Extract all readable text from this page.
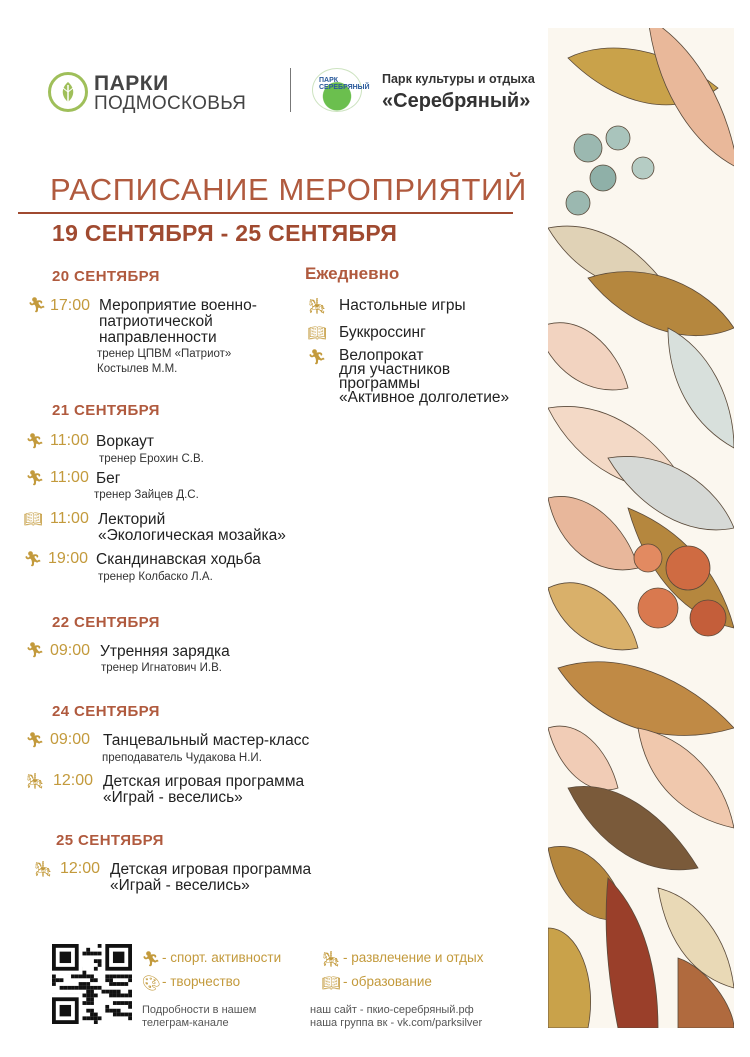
ПАРКИ
ПОДМОСКОВЬЯ
ПАРК СЕРЕБРЯНЫЙ
Парк культуры и отдыха
«Серебряный»
РАСПИСАНИЕ МЕРОПРИЯТИЙ
19 СЕНТЯБРЯ - 25 СЕНТЯБРЯ
20 СЕНТЯБРЯ
🏃︎ 17:00 Мероприятие военно-
патриотической
направленности
тренер ЦПВМ «Патриот»
Костылев М.М.
21 СЕНТЯБРЯ
🏃︎ 11:00 Воркаут
тренер Ерохин С.В.
🏃︎ 11:00 Бег
тренер Зайцев Д.С.
📖︎ 11:00 Лекторий
«Экологическая мозайка»
🏃︎ 19:00 Скандинавская ходьба
тренер Колбаско Л.А.
22 СЕНТЯБРЯ
🏃︎ 09:00 Утренняя зарядка
тренер Игнатович И.В.
24 СЕНТЯБРЯ
🏃︎ 09:00 Танцевальный мастер-класс
преподаватель Чудакова Н.И.
🎠︎ 12:00 Детская игровая программа
«Играй - веселись»
25 СЕНТЯБРЯ
🎠︎ 12:00 Детская игровая программа
«Играй - веселись»
Ежедневно
🎠︎ Настольные игры
📖︎ Буккроссинг
🏃︎ Велопрокат
для участников
программы
«Активное долголетие»
🏃︎ - спорт. активности	🎠︎ - развлечение и отдых
🎨︎ - творчество	📖︎ - образование
Подробности в нашем
телеграм-канале
наш сайт - пкио-серебряный.рф
наша группа вк - vk.com/parksilver
